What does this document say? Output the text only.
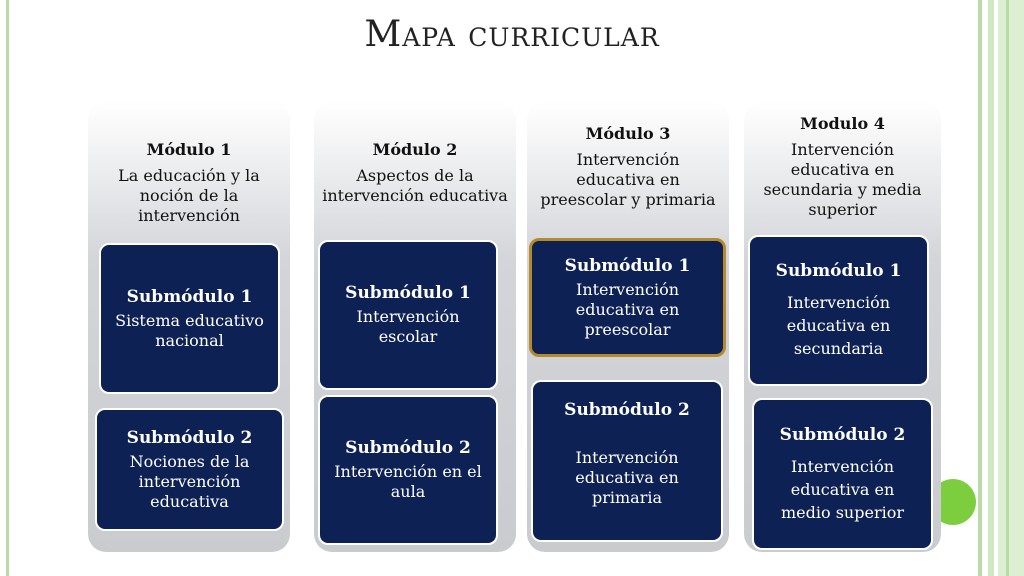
Mapa curricular
Módulo 1
La educación y la noción de la intervención
Submódulo 1
Sistema educativo nacional
Submódulo 2
Nociones de la intervención educativa
Módulo 2
Aspectos de la intervención educativa
Submódulo 1
Intervención escolar
Submódulo 2
Intervención en el aula
Módulo 3
Intervención educativa en preescolar y primaria
Submódulo 1
Intervención educativa en preescolar
Submódulo 2
Intervención educativa en primaria
Modulo 4
Intervención educativa en secundaria y media superior
Submódulo 1
Intervención educativa en secundaria
Submódulo 2
Intervención educativa en medio superior
